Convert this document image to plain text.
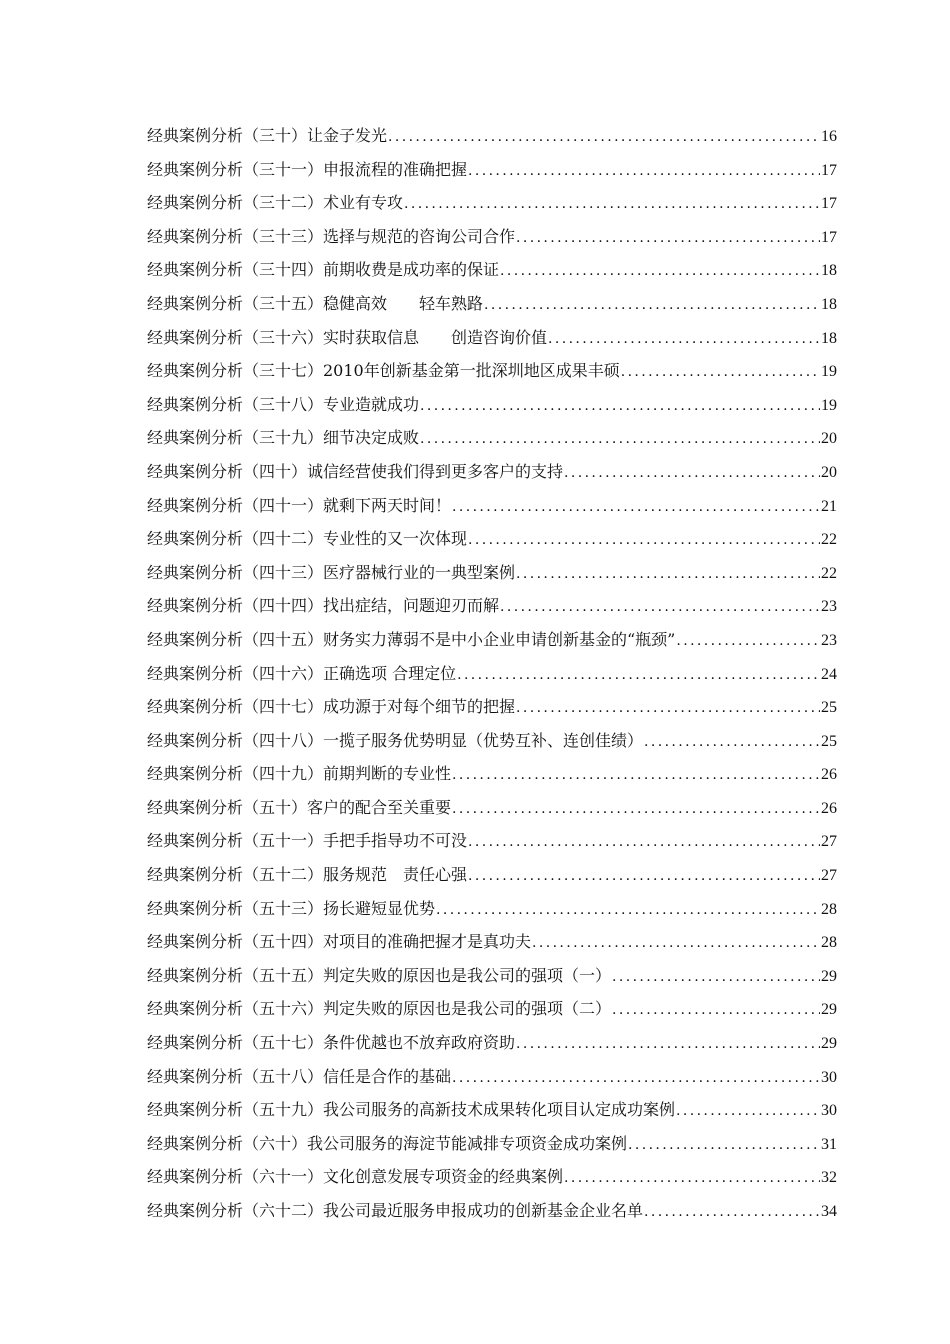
经典案例分析（三十）让金子发光 .....	16
经典案例分析（三十一）申报流程的准确把握 .....	17
经典案例分析（三十二）术业有专攻 .....	17
经典案例分析（三十三）选择与规范的咨询公司合作 .....	17
经典案例分析（三十四）前期收费是成功率的保证 .....	18
经典案例分析（三十五）稳健高效　　轻车熟路 .....	18
经典案例分析（三十六）实时获取信息　　创造咨询价值 .....	18
经典案例分析（三十七）2010年创新基金第一批深圳地区成果丰硕 .....	19
经典案例分析（三十八）专业造就成功 .....	19
经典案例分析（三十九）细节决定成败 .....	20
经典案例分析（四十）诚信经营使我们得到更多客户的支持 .....	20
经典案例分析（四十一）就剩下两天时间！ .....	21
经典案例分析（四十二）专业性的又一次体现 .....	22
经典案例分析（四十三）医疗器械行业的一典型案例 .....	22
经典案例分析（四十四）找出症结，问题迎刃而解 .....	23
经典案例分析（四十五）财务实力薄弱不是中小企业申请创新基金的“瓶颈” .....	23
经典案例分析（四十六）正确选项 合理定位 .....	24
经典案例分析（四十七）成功源于对每个细节的把握 .....	25
经典案例分析（四十八）一揽子服务优势明显（优势互补、连创佳绩） .....	25
经典案例分析（四十九）前期判断的专业性 .....	26
经典案例分析（五十）客户的配合至关重要 .....	26
经典案例分析（五十一）手把手指导功不可没 .....	27
经典案例分析（五十二）服务规范　责任心强 .....	27
经典案例分析（五十三）扬长避短显优势 .....	28
经典案例分析（五十四）对项目的准确把握才是真功夫 .....	28
经典案例分析（五十五）判定失败的原因也是我公司的强项（一） .....	29
经典案例分析（五十六）判定失败的原因也是我公司的强项（二） .....	29
经典案例分析（五十七）条件优越也不放弃政府资助 .....	29
经典案例分析（五十八）信任是合作的基础 .....	30
经典案例分析（五十九）我公司服务的高新技术成果转化项目认定成功案例 .....	30
经典案例分析（六十）我公司服务的海淀节能减排专项资金成功案例 .....	31
经典案例分析（六十一）文化创意发展专项资金的经典案例 .....	32
经典案例分析（六十二）我公司最近服务申报成功的创新基金企业名单 .....	34
